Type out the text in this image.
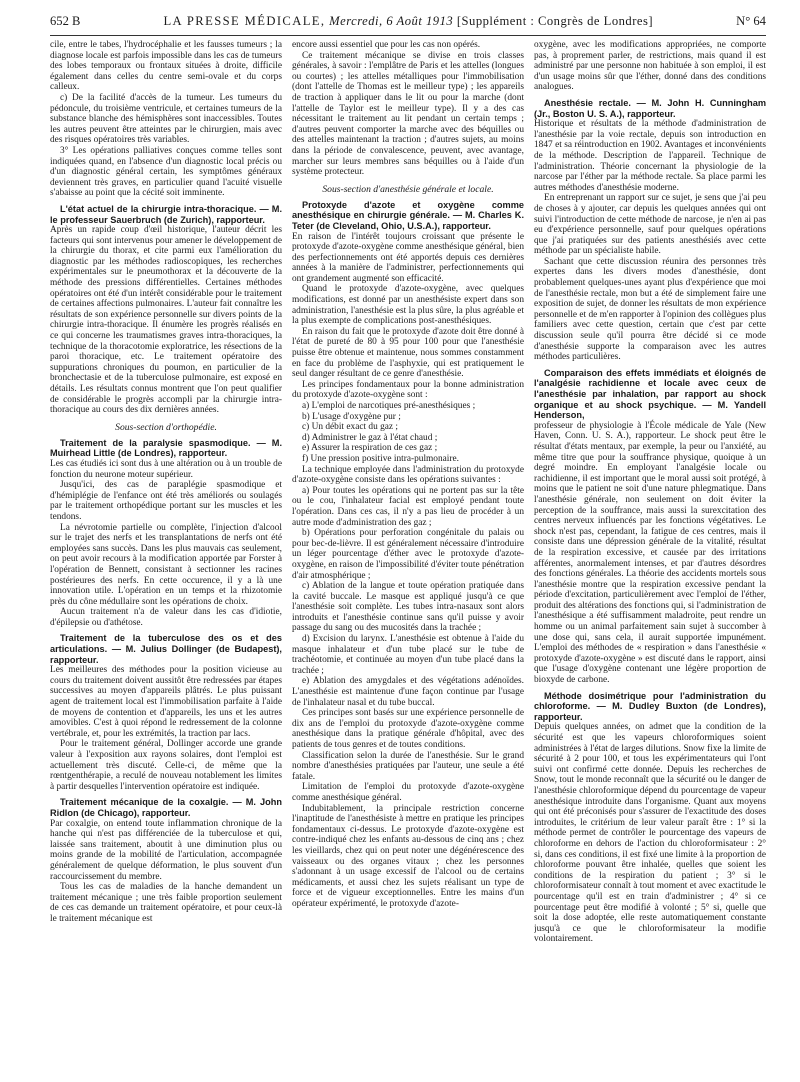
652 B	LA PRESSE MÉDICALE, Mercredi, 6 Août 1913 [Supplément : Congrès de Londres]	N° 64

cile, entre le tabes, l'hydrocéphalie et les fausses tumeurs ; la diagnose locale est parfois impossible dans les cas de tumeurs des lobes temporaux ou frontaux situées à droite, difficile également dans celles du centre semi-ovale et du corps calleux.

c) De la facilité d'accès de la tumeur. Les tumeurs du pédoncule, du troisième ventricule, et certaines tumeurs de la substance blanche des hémisphères sont inaccessibles. Toutes les autres peuvent être atteintes par le chirurgien, mais avec des risques opératoires très variables.

3° Les opérations palliatives conçues comme telles sont indiquées quand, en l'absence d'un diagnostic local précis ou d'un diagnostic général certain, les symptômes généraux deviennent très graves, en particulier quand l'acuité visuelle s'abaisse au point que la cécité soit imminente.

L'état actuel de la chirurgie intra-thoracique. — M. le professeur Sauerbruch (de Zurich), rapporteur.

Après un rapide coup d'œil historique, l'auteur décrit les facteurs qui sont intervenus pour amener le développement de la chirurgie du thorax, et cite parmi eux l'amélioration du diagnostic par les méthodes radioscopiques, les recherches expérimentales sur le pneumothorax et la découverte de la méthode des pressions différentielles. Certaines méthodes opératoires ont été d'un intérêt considérable pour le traitement de certaines affections pulmonaires. L'auteur fait connaître les résultats de son expérience personnelle sur divers points de la chirurgie intra-thoracique. Il énumère les progrès réalisés en ce qui concerne les traumatismes graves intra-thoraciques, la technique de la thoracotomie exploratrice, les résections de la paroi thoracique, etc. Le traitement opératoire des suppurations chroniques du poumon, en particulier de la bronchectasie et de la tuberculose pulmonaire, est exposé en détails. Les résultats connus montrent que l'on peut qualifier de considérable le progrès accompli par la chirurgie intra-thoracique au cours des dix dernières années.

Sous-section d'orthopédie.
Traitement de la paralysie spasmodique. — M. Muirhead Little (de Londres), rapporteur.

Les cas étudiés ici sont dus à une altération ou à un trouble de fonction du neurone moteur supérieur.

Jusqu'ici, des cas de paraplégie spasmodique et d'hémiplégie de l'enfance ont été très améliorés ou soulagés par le traitement orthopédique portant sur les muscles et les tendons.

La névrotomie partielle ou complète, l'injection d'alcool sur le trajet des nerfs et les transplantations de nerfs ont été employées sans succès. Dans les plus mauvais cas seulement, on peut avoir recours à la modification apportée par Forster à l'opération de Bennett, consistant à sectionner les racines postérieures des nerfs. En cette occurence, il y a là une innovation utile. L'opération en un temps et la rhizotomie près du cône médullaire sont les opérations de choix.

Aucun traitement n'a de valeur dans les cas d'idiotie, d'épilepsie ou d'athétose.

Traitement de la tuberculose des os et des articulations. — M. Julius Dollinger (de Budapest), rapporteur.

Les meilleures des méthodes pour la position vicieuse au cours du traitement doivent aussitôt être redressées par étapes successives au moyen d'appareils plâtrés. Le plus puissant agent de traitement local est l'immobilisation parfaite à l'aide de moyens de contention et d'appareils, les uns et les autres amovibles. C'est à quoi répond le redressement de la colonne vertébrale, et, pour les extrémités, la traction par lacs.

Pour le traitement général, Dollinger accorde une grande valeur à l'exposition aux rayons solaires, dont l'emploi est actuellement très discuté. Celle-ci, de même que la rœntgenthérapie, a reculé de nouveau notablement les limites à partir desquelles l'intervention opératoire est indiquée.

Traitement mécanique de la coxalgie. — M. John Ridlon (de Chicago), rapporteur.

Par coxalgie, on entend toute inflammation chronique de la hanche qui n'est pas différenciée de la tuberculose et qui, laissée sans traitement, aboutit à une diminution plus ou moins grande de la mobilité de l'articulation, accompagnée généralement de quelque déformation, le plus souvent d'un raccourcissement du membre.

Tous les cas de maladies de la hanche demandent un traitement mécanique ; une très faible proportion seulement de ces cas demande un traitement opératoire, et pour ceux-là le traitement mécanique est

encore aussi essentiel que pour les cas non opérés.

Ce traitement mécanique se divise en trois classes générales, à savoir : l'emplâtre de Paris et les attelles (longues ou courtes) ; les attelles métalliques pour l'immobilisation (dont l'attelle de Thomas est le meilleur type) ; les appareils de traction à appliquer dans le lit ou pour la marche (dont l'attelle de Taylor est le meilleur type). Il y a des cas nécessitant le traitement au lit pendant un certain temps ; d'autres peuvent comporter la marche avec des béquilles ou des attelles maintenant la traction ; d'autres sujets, au moins dans la période de convalescence, peuvent, avec avantage, marcher sur leurs membres sans béquilles ou à l'aide d'un système protecteur.

Sous-section d'anesthésie générale et locale.
Protoxyde d'azote et oxygène comme anesthésique en chirurgie générale. — M. Charles K. Teter (de Cleveland, Ohio, U.S.A.), rapporteur.

En raison de l'intérêt toujours croissant que présente le protoxyde d'azote-oxygène comme anesthésique général, bien des perfectionnements ont été apportés depuis ces dernières années à la manière de l'administrer, perfectionnements qui ont grandement augmenté son efficacité.

Quand le protoxyde d'azote-oxygène, avec quelques modifications, est donné par un anesthésiste expert dans son administration, l'anesthésie est la plus sûre, la plus agréable et la plus exempte de complications post-anesthésiques.

En raison du fait que le protoxyde d'azote doit être donné à l'état de pureté de 80 à 95 pour 100 pour que l'anesthésie puisse être obtenue et maintenue, nous sommes constamment en face du problème de l'asphyxie, qui est pratiquement le seul danger résultant de ce genre d'anesthésie.

Les principes fondamentaux pour la bonne administration du protoxyde d'azote-oxygène sont :

a) L'emploi de narcotiques pré-anesthésiques ;

b) L'usage d'oxygène pur ;

c) Un débit exact du gaz ;

d) Administrer le gaz à l'état chaud ;

e) Assurer la respiration de ces gaz ;

f) Une pression positive intra-pulmonaire.

La technique employée dans l'administration du protoxyde d'azote-oxygène consiste dans les opérations suivantes :

a) Pour toutes les opérations qui ne portent pas sur la tête ou le cou, l'inhalateur facial est employé pendant toute l'opération. Dans ces cas, il n'y a pas lieu de procéder à un autre mode d'administration des gaz ;

b) Opérations pour perforation congénitale du palais ou pour bec-de-lièvre. Il est généralement nécessaire d'introduire un léger pourcentage d'éther avec le protoxyde d'azote-oxygène, en raison de l'impossibilité d'éviter toute pénétration d'air atmosphérique ;

c) Ablation de la langue et toute opération pratiquée dans la cavité buccale. Le masque est appliqué jusqu'à ce que l'anesthésie soit complète. Les tubes intra-nasaux sont alors introduits et l'anesthésie continue sans qu'il puisse y avoir passage du sang ou des mucosités dans la trachée ;

d) Excision du larynx. L'anesthésie est obtenue à l'aide du masque inhalateur et d'un tube placé sur le tube de trachéotomie, et continuée au moyen d'un tube placé dans la trachée ;

e) Ablation des amygdales et des végétations adénoïdes. L'anesthésie est maintenue d'une façon continue par l'usage de l'inhalateur nasal et du tube buccal.

Ces principes sont basés sur une expérience personnelle de dix ans de l'emploi du protoxyde d'azote-oxygène comme anesthésique dans la pratique générale d'hôpital, avec des patients de tous genres et de toutes conditions.

Classification selon la durée de l'anesthésie. Sur le grand nombre d'anesthésies pratiquées par l'auteur, une seule a été fatale.

Limitation de l'emploi du protoxyde d'azote-oxygène comme anesthésique général.

Indubitablement, la principale restriction concerne l'inaptitude de l'anesthésiste à mettre en pratique les principes fondamentaux ci-dessus. Le protoxyde d'azote-oxygène est contre-indiqué chez les enfants au-dessous de cinq ans ; chez les vieillards, chez qui on peut noter une dégénérescence des vaisseaux ou des organes vitaux ; chez les personnes s'adonnant à un usage excessif de l'alcool ou de certains médicaments, et aussi chez les sujets réalisant un type de force et de vigueur exceptionnelles. Entre les mains d'un opérateur expérimenté, le protoxyde d'azote-

oxygène, avec les modifications appropriées, ne comporte pas, à proprement parler, de restrictions, mais quand il est administré par une personne non habituée à son emploi, il est d'un usage moins sûr que l'éther, donné dans des conditions analogues.

Anesthésie rectale. — M. John H. Cunningham (Jr., Boston U. S. A.), rapporteur.

Historique et résultats de la méthode d'administration de l'anesthésie par la voie rectale, depuis son introduction en 1847 et sa réintroduction en 1902. Avantages et inconvénients de la méthode. Description de l'appareil. Technique de l'administration. Théorie concernant la physiologie de la narcose par l'éther par la méthode rectale. Sa place parmi les autres méthodes d'anesthésie moderne.

En entreprenant un rapport sur ce sujet, je sens que j'ai peu de choses à y ajouter, car depuis les quelques années qui ont suivi l'introduction de cette méthode de narcose, je n'en ai pas eu d'expérience personnelle, sauf pour quelques opérations que j'ai pratiquées sur des patients anesthésiés avec cette méthode par un spécialiste habile.

Sachant que cette discussion réunira des personnes très expertes dans les divers modes d'anesthésie, dont probablement quelques-unes ayant plus d'expérience que moi de l'anesthésie rectale, mon but a été de simplement faire une exposition de sujet, de donner les résultats de mon expérience personnelle et de m'en rapporter à l'opinion des collègues plus familiers avec cette question, certain que c'est par cette discussion seule qu'il pourra être décidé si ce mode d'anesthésie supporte la comparaison avec les autres méthodes particulières.

Comparaison des effets immédiats et éloignés de l'analgésie rachidienne et locale avec ceux de l'anesthésie par inhalation, par rapport au shock organique et au shock psychique. — M. Yandell Henderson,

professeur de physiologie à l'École médicale de Yale (New Haven, Conn. U. S. A.), rapporteur. Le shock peut être le résultat d'états mentaux, par exemple, la peur ou l'anxiété, au même titre que pour la souffrance physique, quoique à un degré moindre. En employant l'analgésie locale ou rachidienne, il est important que le moral aussi soit protégé, à moins que le patient ne soit d'une nature phlegmatique. Dans l'anesthésie générale, non seulement on doit éviter la perception de la souffrance, mais aussi la surexcitation des centres nerveux influencés par les fonctions végétatives. Le shock n'est pas, cependant, la fatigue de ces centres, mais il consiste dans une dépression générale de la vitalité, résultat de la respiration excessive, et causée par des irritations afférentes, anormalement intenses, et par d'autres désordres des fonctions générales. La théorie des accidents mortels sous l'anesthésie montre que la respiration excessive pendant la période d'excitation, particulièrement avec l'emploi de l'éther, produit des altérations des fonctions qui, si l'administration de l'anesthésique a été suffisamment maladroite, peut rendre un homme ou un animal parfaitement sain sujet à succomber à une dose qui, sans cela, il aurait supportée impunément. L'emploi des méthodes de « respiration » dans l'anesthésie « protoxyde d'azote-oxygène » est discuté dans le rapport, ainsi que l'usage d'oxygène contenant une légère proportion de bioxyde de carbone.

Méthode dosimétrique pour l'administration du chloroforme. — M. Dudley Buxton (de Londres), rapporteur.

Depuis quelques années, on admet que la condition de la sécurité est que les vapeurs chloroformiques soient administrées à l'état de larges dilutions. Snow fixe la limite de sécurité à 2 pour 100, et tous les expérimentateurs qui l'ont suivi ont confirmé cette donnée. Depuis les recherches de Snow, tout le monde reconnaît que la sécurité ou le danger de l'anesthésie chloroformique dépend du pourcentage de vapeur anesthésique introduite dans l'organisme. Quant aux moyens qui ont été préconisés pour s'assurer de l'exactitude des doses introduites, le critérium de leur valeur paraît être : 1° si la méthode permet de contrôler le pourcentage des vapeurs de chloroforme en dehors de l'action du chloroformisateur : 2° si, dans ces conditions, il est fixé une limite à la proportion de chloroforme pouvant être inhalée, quelles que soient les conditions de la respiration du patient ; 3° si le chloroformisateur connaît à tout moment et avec exactitude le pourcentage qu'il est en train d'administrer ; 4° si ce pourcentage peut être modifié à volonté ; 5° si, quelle que soit la dose adoptée, elle reste automatiquement constante jusqu'à ce que le chloroformisateur la modifie volontairement.
